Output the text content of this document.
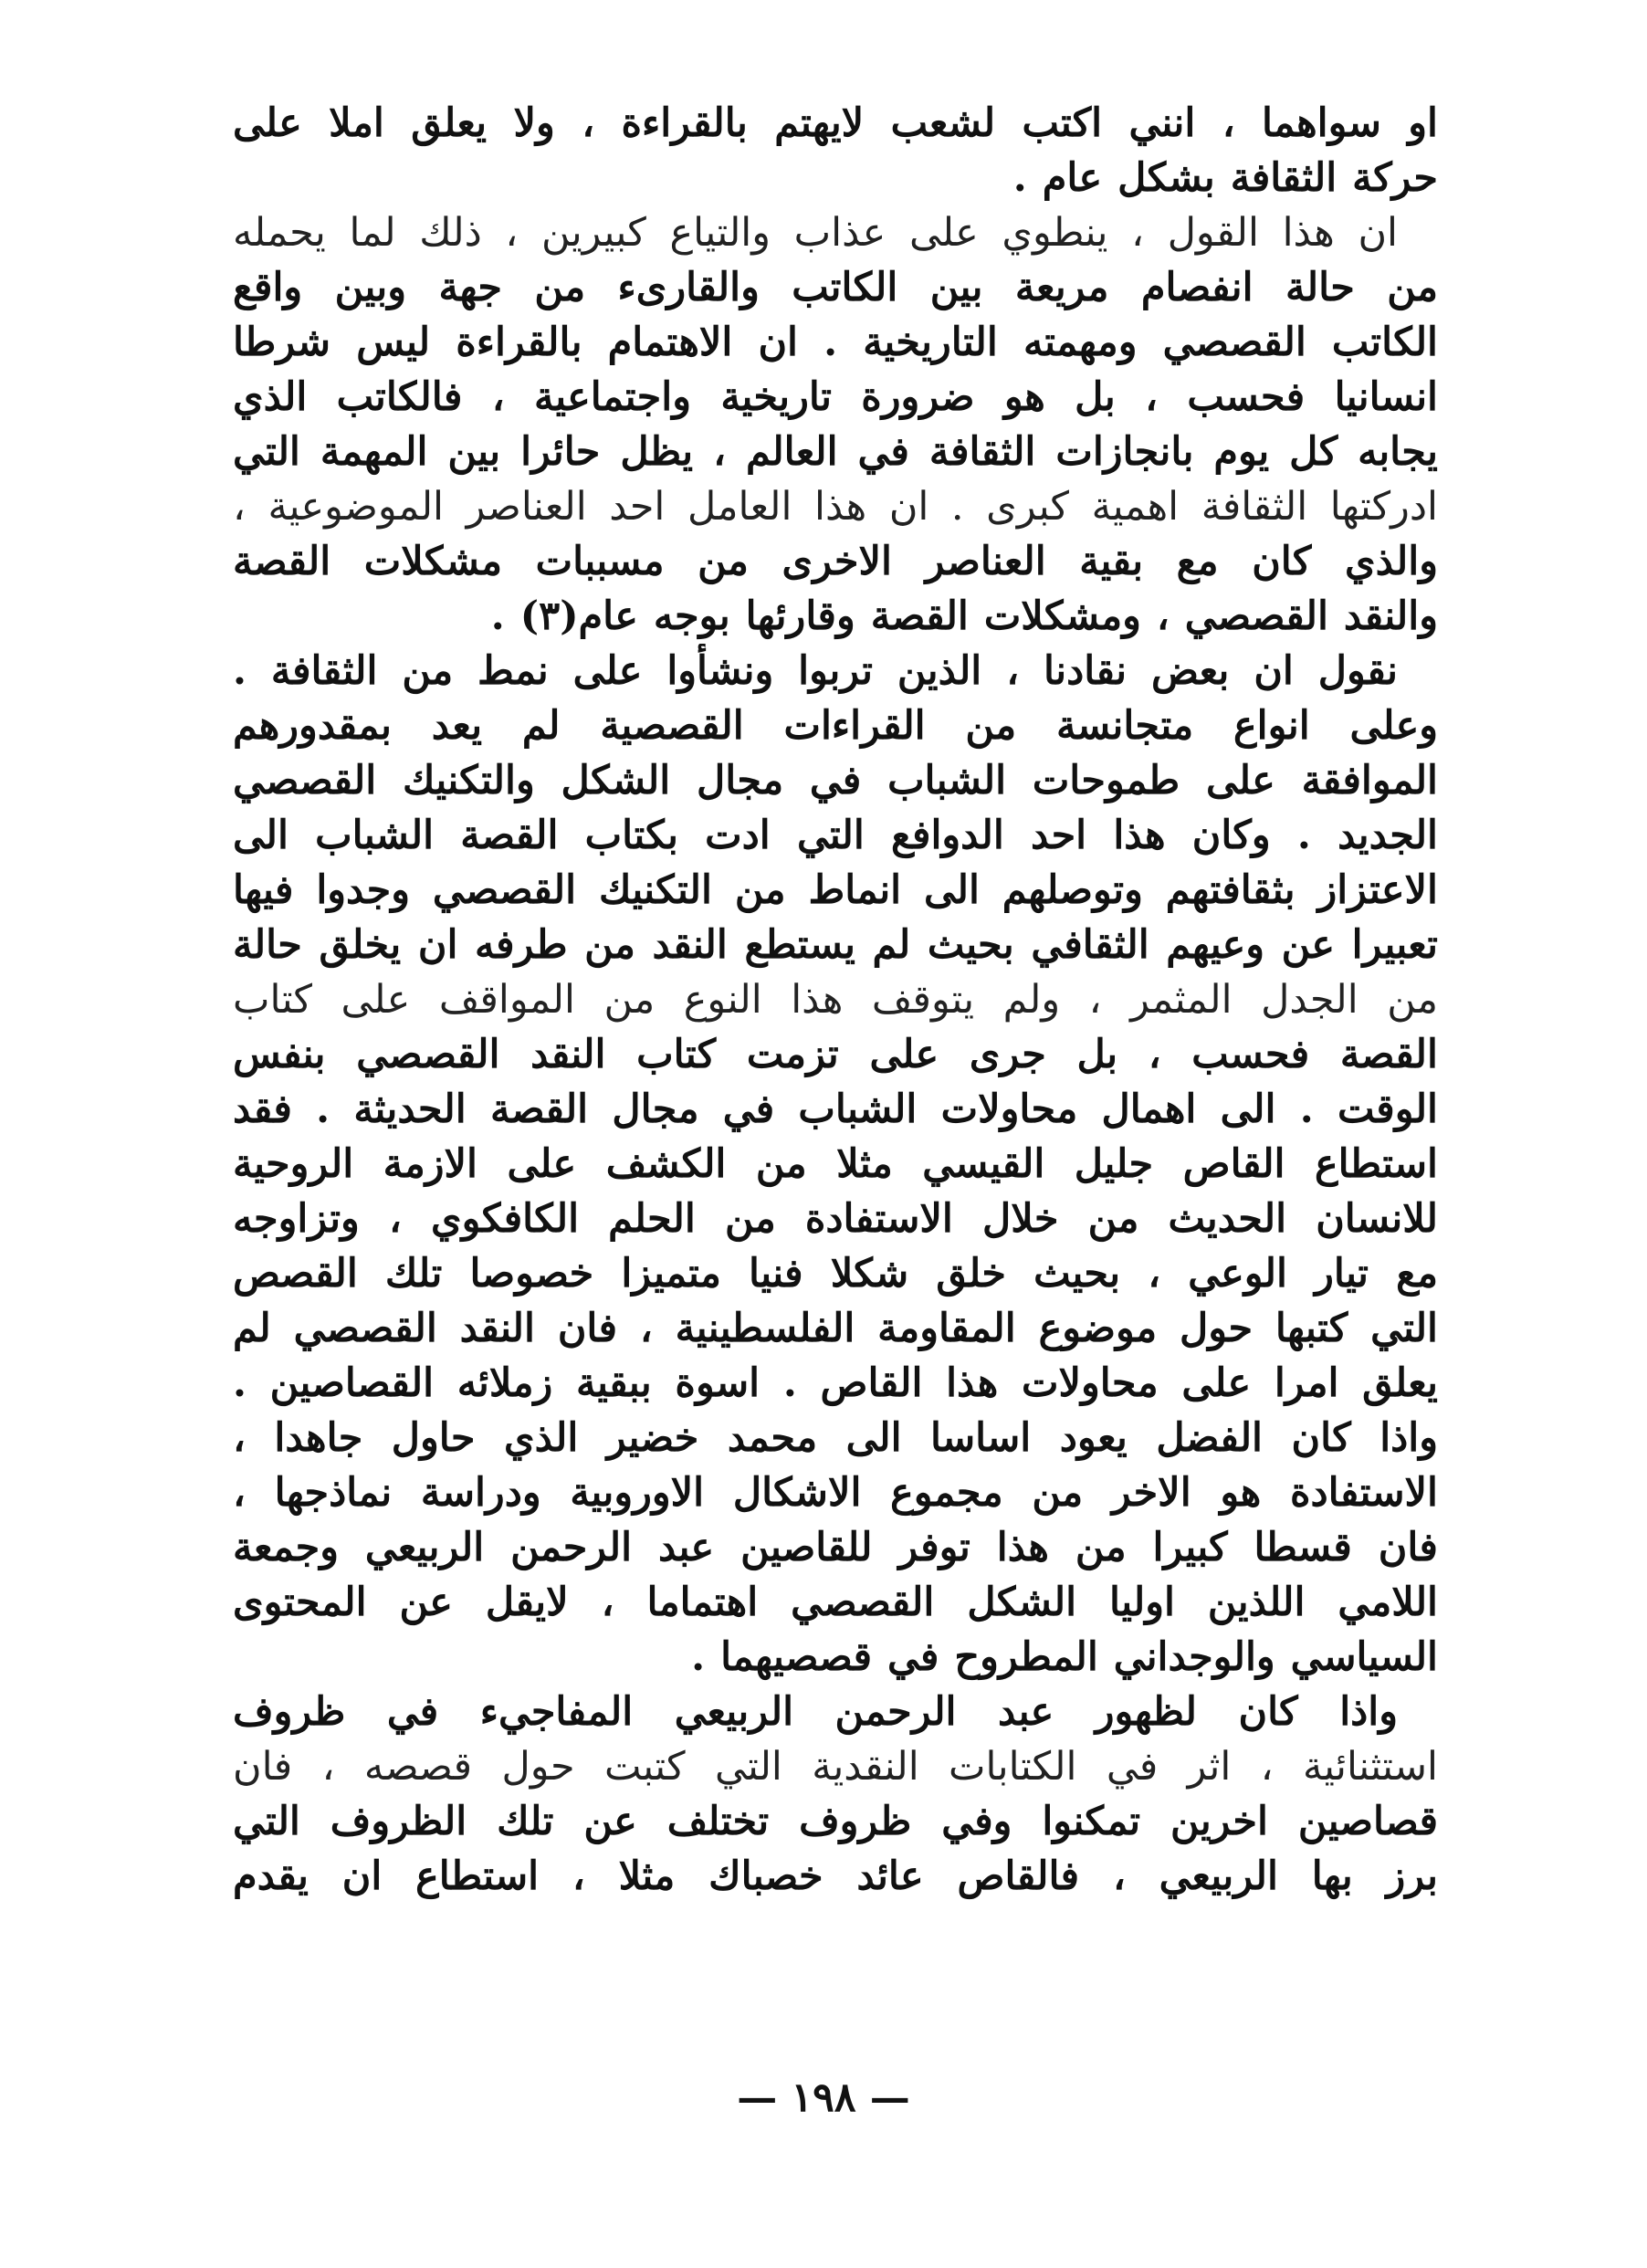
او سواهما ، انني اكتب لشعب لايهتم بالقراءة ، ولا يعلق املا على
حركة الثقافة بشكل عام .
ان هذا القول ، ينطوي على عذاب والتياع كبيرين ، ذلك لما يحمله
من حالة انفصام مريعة بين الكاتب والقارىء من جهة وبين واقع
الكاتب القصصي ومهمته التاريخية . ان الاهتمام بالقراءة ليس شرطا
انسانيا فحسب ، بل هو ضرورة تاريخية واجتماعية ، فالكاتب الذي
يجابه كل يوم بانجازات الثقافة في العالم ، يظل حائرا بين المهمة التي
ادركتها الثقافة اهمية كبرى . ان هذا العامل احد العناصر الموضوعية ،
والذي كان مع بقية العناصر الاخرى من مسببات مشكلات القصة
والنقد القصصي ، ومشكلات القصة وقارئها بوجه عام(٣) .
نقول ان بعض نقادنا ، الذين تربوا ونشأوا على نمط من الثقافة .
وعلى انواع متجانسة من القراءات القصصية لم يعد بمقدورهم
الموافقة على طموحات الشباب في مجال الشكل والتكنيك القصصي
الجديد . وكان هذا احد الدوافع التي ادت بكتاب القصة الشباب الى
الاعتزاز بثقافتهم وتوصلهم الى انماط من التكنيك القصصي وجدوا فيها
تعبيرا عن وعيهم الثقافي بحيث لم يستطع النقد من طرفه ان يخلق حالة
من الجدل المثمر ، ولم يتوقف هذا النوع من المواقف على كتاب
القصة فحسب ، بل جرى على تزمت كتاب النقد القصصي بنفس
الوقت . الى اهمال محاولات الشباب في مجال القصة الحديثة . فقد
استطاع القاص جليل القيسي مثلا من الكشف على الازمة الروحية
للانسان الحديث من خلال الاستفادة من الحلم الكافكوي ، وتزاوجه
مع تيار الوعي ، بحيث خلق شكلا فنيا متميزا خصوصا تلك القصص
التي كتبها حول موضوع المقاومة الفلسطينية ، فان النقد القصصي لم
يعلق امرا على محاولات هذا القاص . اسوة ببقية زملائه القصاصين .
واذا كان الفضل يعود اساسا الى محمد خضير الذي حاول جاهدا ،
الاستفادة هو الاخر من مجموع الاشكال الاوروبية ودراسة نماذجها ،
فان قسطا كبيرا من هذا توفر للقاصين عبد الرحمن الربيعي وجمعة
اللامي اللذين اوليا الشكل القصصي اهتماما ، لايقل عن المحتوى
السياسي والوجداني المطروح في قصصيهما .
واذا كان لظهور عبد الرحمن الربيعي المفاجيء في ظروف
استثنائية ، اثر في الكتابات النقدية التي كتبت حول قصصه ، فان
قصاصين اخرين تمكنوا وفي ظروف تختلف عن تلك الظروف التي
برز بها الربيعي ، فالقاص عائد خصباك مثلا ، استطاع ان يقدم
— ١٩٨ —
